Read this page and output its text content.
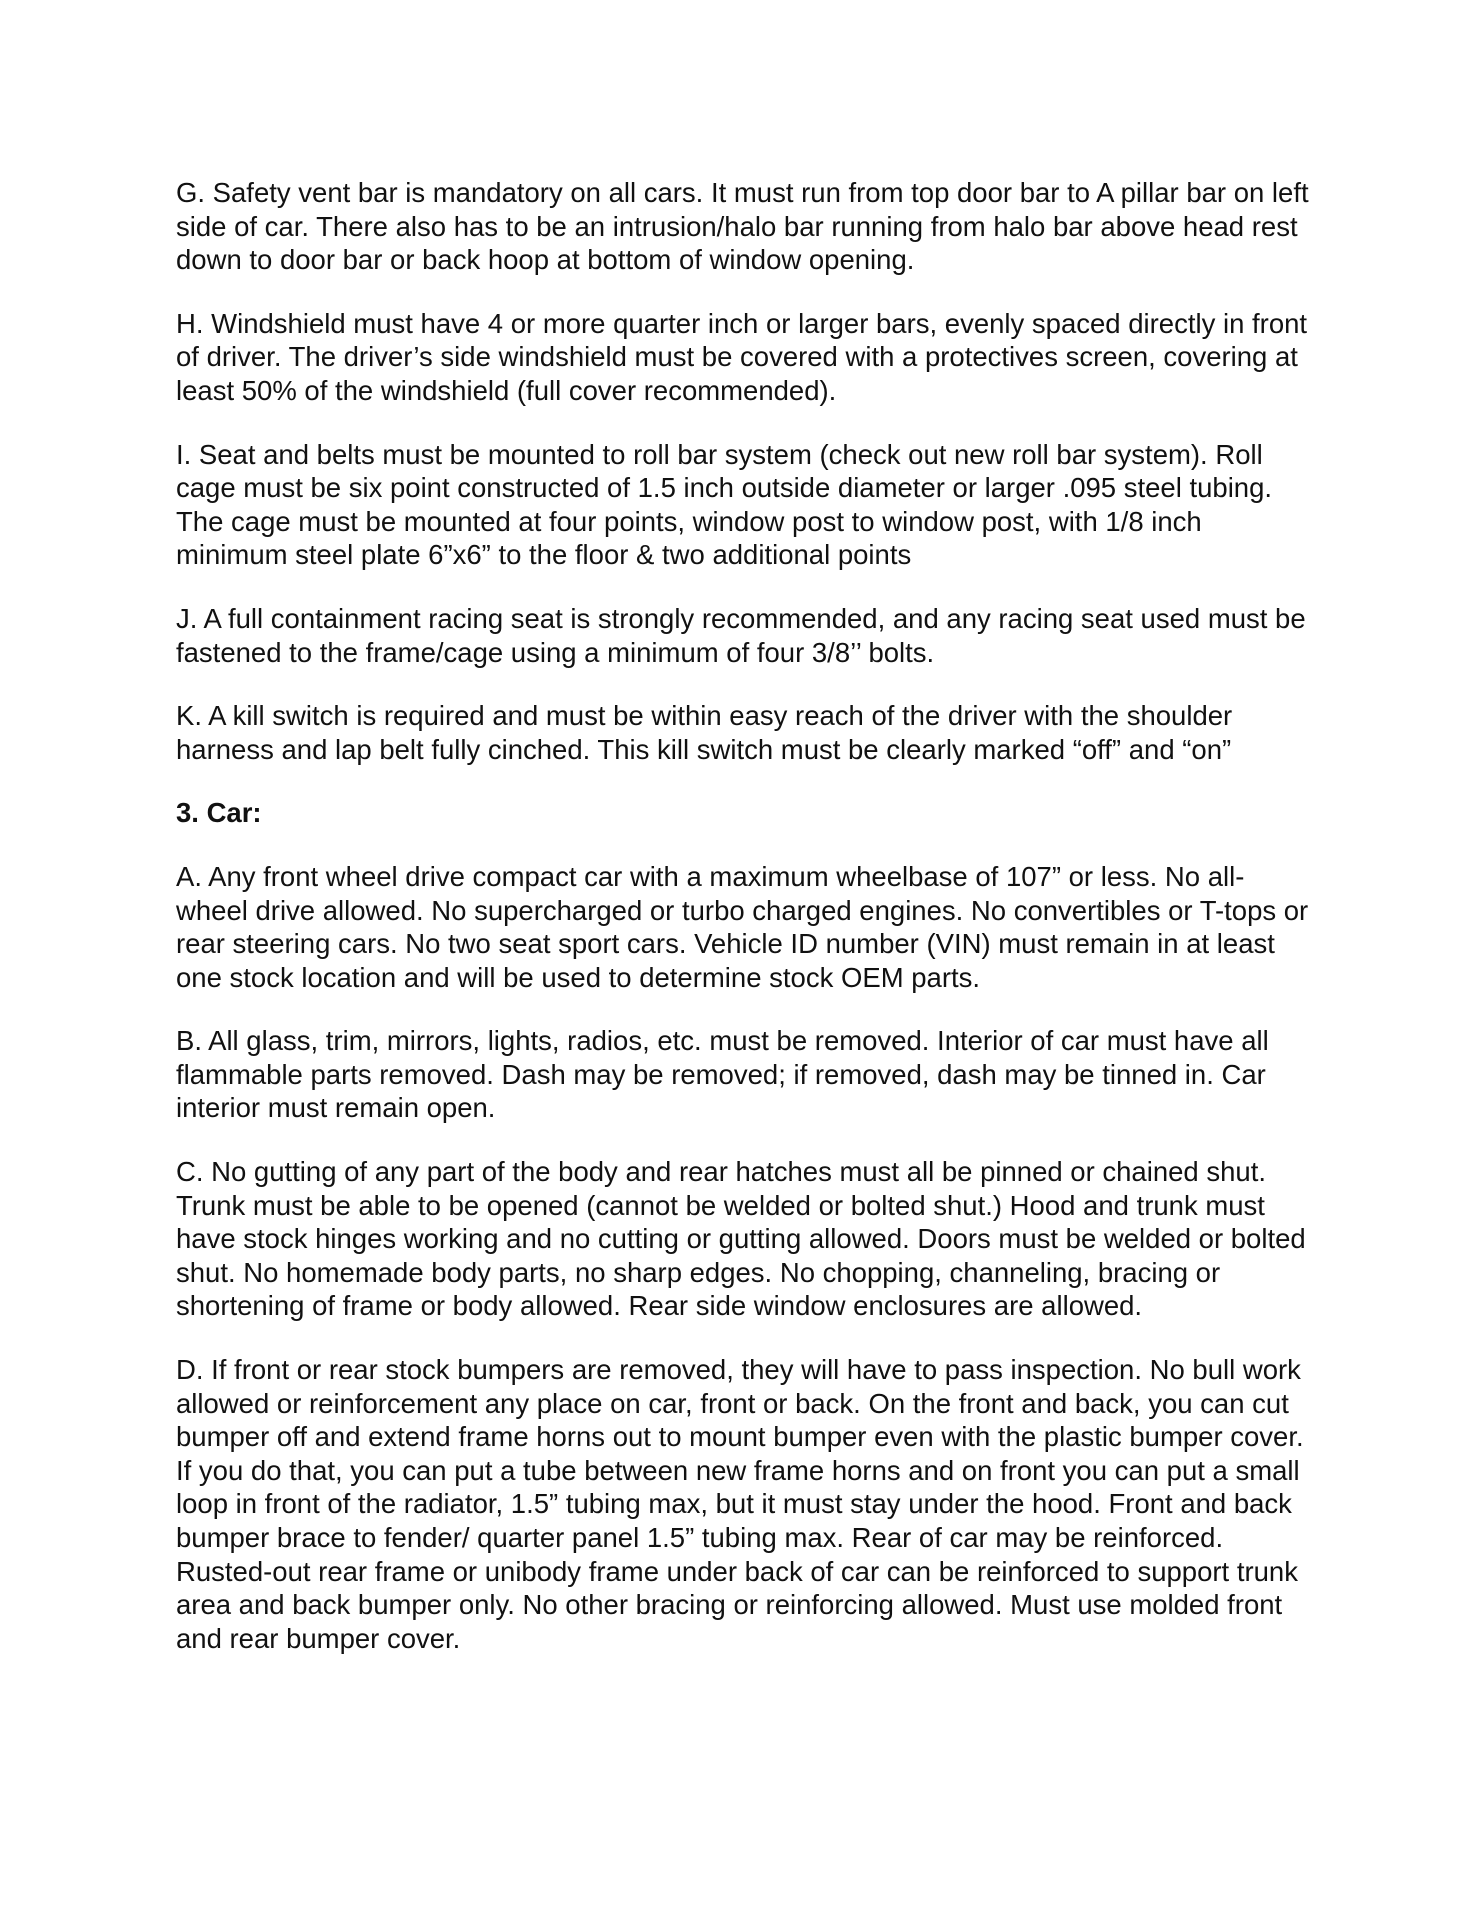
G. Safety vent bar is mandatory on all cars. It must run from top door bar to A pillar bar on left side of car. There also has to be an intrusion/halo bar running from halo bar above head rest down to door bar or back hoop at bottom of window opening.

H. Windshield must have 4 or more quarter inch or larger bars, evenly spaced directly in front of driver. The driver’s side windshield must be covered with a protectives screen, covering at least 50% of the windshield (full cover recommended).

I. Seat and belts must be mounted to roll bar system (check out new roll bar system). Roll cage must be six point constructed of 1.5 inch outside diameter or larger .095 steel tubing. The cage must be mounted at four points, window post to window post, with 1/8 inch minimum steel plate 6”x6” to the floor & two additional points

J. A full containment racing seat is strongly recommended, and any racing seat used must be fastened to the frame/cage using a minimum of four 3/8’’ bolts.

K. A kill switch is required and must be within easy reach of the driver with the shoulder harness and lap belt fully cinched. This kill switch must be clearly marked “off” and “on”

3. Car:

A. Any front wheel drive compact car with a maximum wheelbase of 107” or less. No all-wheel drive allowed. No supercharged or turbo charged engines. No convertibles or T-tops or rear steering cars. No two seat sport cars. Vehicle ID number (VIN) must remain in at least one stock location and will be used to determine stock OEM parts.

B. All glass, trim, mirrors, lights, radios, etc. must be removed. Interior of car must have all flammable parts removed. Dash may be removed; if removed, dash may be tinned in. Car interior must remain open.

C. No gutting of any part of the body and rear hatches must all be pinned or chained shut. Trunk must be able to be opened (cannot be welded or bolted shut.) Hood and trunk must have stock hinges working and no cutting or gutting allowed. Doors must be welded or bolted shut. No homemade body parts, no sharp edges. No chopping, channeling, bracing or shortening of frame or body allowed. Rear side window enclosures are allowed.

D. If front or rear stock bumpers are removed, they will have to pass inspection. No bull work allowed or reinforcement any place on car, front or back. On the front and back, you can cut bumper off and extend frame horns out to mount bumper even with the plastic bumper cover. If you do that, you can put a tube between new frame horns and on front you can put a small loop in front of the radiator, 1.5” tubing max, but it must stay under the hood. Front and back bumper brace to fender/ quarter panel 1.5” tubing max. Rear of car may be reinforced. Rusted-out rear frame or unibody frame under back of car can be reinforced to support trunk area and back bumper only. No other bracing or reinforcing allowed. Must use molded front and rear bumper cover.
